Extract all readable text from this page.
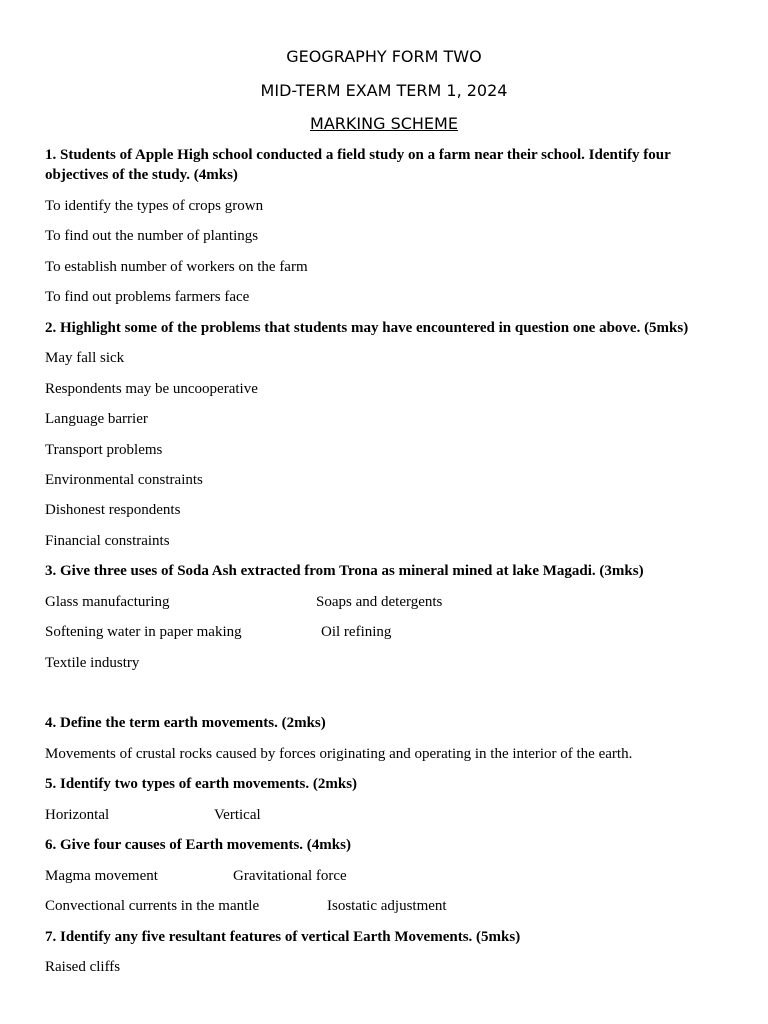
GEOGRAPHY FORM TWO
MID-TERM EXAM TERM 1, 2024
MARKING SCHEME
1. Students of Apple High school conducted a field study on a farm near their school. Identify four objectives of the study. (4mks)
To identify the types of crops grown
To find out the number of plantings
To establish number of workers on the farm
To find out problems farmers face
2. Highlight some of the problems that students may have encountered in question one above. (5mks)
May fall sick
Respondents may be uncooperative
Language barrier
Transport problems
Environmental constraints
Dishonest respondents
Financial constraints
3. Give three uses of Soda Ash extracted from Trona as mineral mined at lake Magadi. (3mks)
Glass manufacturing	Soaps and detergents
Softening water in paper making	Oil refining
Textile industry
4. Define the term earth movements. (2mks)
Movements of crustal rocks caused by forces originating and operating in the interior of the earth.
5. Identify two types of earth movements. (2mks)
Horizontal	Vertical
6. Give four causes of Earth movements. (4mks)
Magma movement	Gravitational force
Convectional currents in the mantle	Isostatic adjustment
7. Identify any five resultant features of vertical Earth Movements. (5mks)
Raised cliffs
